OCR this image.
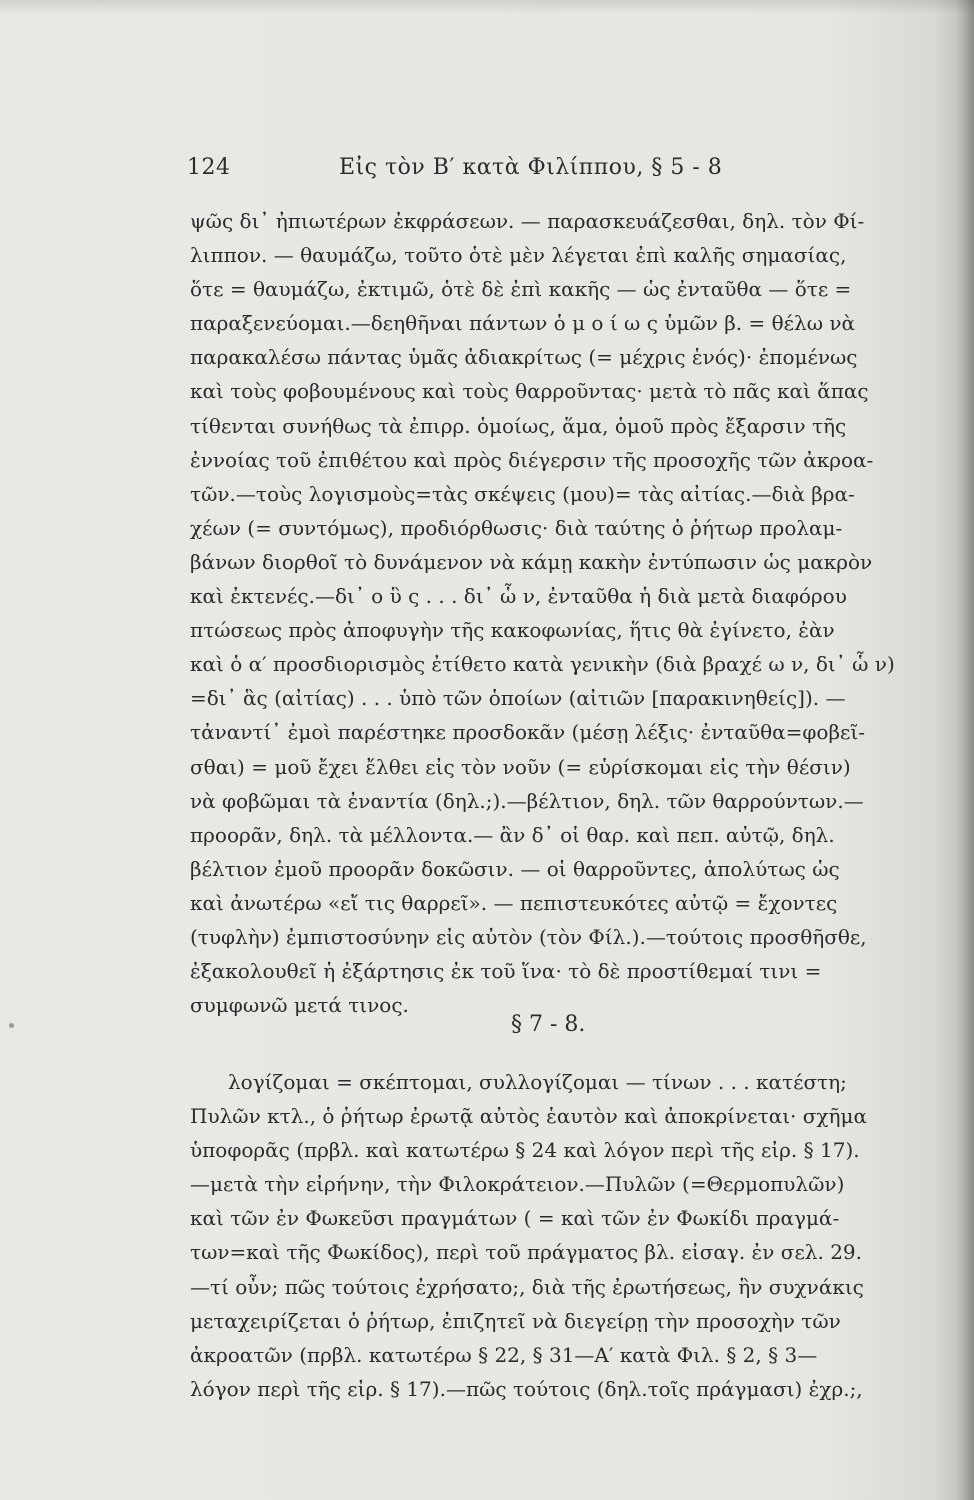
124	Εἰς τὸν Β′ κατὰ Φιλίππου, § 5 - 8
ψῶς δι᾽ ἠπιωτέρων ἐκφράσεων. — παρασκευάζεσθαι, δηλ. τὸν Φί-
λιππον. — θαυμάζω, τοῦτο ὁτὲ μὲν λέγεται ἐπὶ καλῆς σημασίας,
ὅτε = θαυμάζω, ἐκτιμῶ, ὁτὲ δὲ ἐπὶ κακῆς — ὡς ἐνταῦθα — ὅτε =
παραξενεύομαι.—δεηθῆναι πάντων ὁ μ ο ί ω ς ὑμῶν β. = θέλω νὰ
παρακαλέσω πάντας ὑμᾶς ἀδιακρίτως (= μέχρις ἑνός)· ἐπομένως
καὶ τοὺς φοβουμένους καὶ τοὺς θαρροῦντας· μετὰ τὸ πᾶς καὶ ἅπας
τίθενται συνήθως τὰ ἐπιρρ. ὁμοίως, ἅμα, ὁμοῦ πρὸς ἔξαρσιν τῆς
ἐννοίας τοῦ ἐπιθέτου καὶ πρὸς διέγερσιν τῆς προσοχῆς τῶν ἀκροα-
τῶν.—τοὺς λογισμοὺς=τὰς σκέψεις (μου)= τὰς αἰτίας.—διὰ βρα-
χέων (= συντόμως), προδιόρθωσις· διὰ ταύτης ὁ ῥήτωρ προλαμ-
βάνων διορθοῖ τὸ δυνάμενον νὰ κάμῃ κακὴν ἐντύπωσιν ὡς μακρὸν
καὶ ἐκτενές.—δι᾽ ο ὓ ς . . . δι᾽ ὧ ν, ἐνταῦθα ἡ διὰ μετὰ διαφόρου
πτώσεως πρὸς ἀποφυγὴν τῆς κακοφωνίας, ἥτις θὰ ἐγίνετο, ἐὰν
καὶ ὁ α′ προσδιορισμὸς ἐτίθετο κατὰ γενικὴν (διὰ βραχέ ω ν, δι᾽ ὧ ν)
=δι᾽ ἃς (αἰτίας) . . . ὑπὸ τῶν ὁποίων (αἰτιῶν [παρακινηθείς]). —
τἀναντί᾽ ἐμοὶ παρέστηκε προσδοκᾶν (μέσῃ λέξις· ἐνταῦθα=φοβεῖ-
σθαι) = μοῦ ἔχει ἔλθει εἰς τὸν νοῦν (= εὑρίσκομαι εἰς τὴν θέσιν)
νὰ φοβῶμαι τὰ ἐναντία (δηλ.;).—βέλτιον, δηλ. τῶν θαρρούντων.—
προορᾶν, δηλ. τὰ μέλλοντα.— ἂν δ᾽ οἱ θαρ. καὶ πεπ. αὐτῷ, δηλ.
βέλτιον ἐμοῦ προορᾶν δοκῶσιν. — οἱ θαρροῦντες, ἀπολύτως ὡς
καὶ ἀνωτέρω «εἴ τις θαρρεῖ». — πεπιστευκότες αὐτῷ = ἔχοντες
(τυφλὴν) ἐμπιστοσύνην εἰς αὐτὸν (τὸν Φίλ.).—τούτοις προσθῆσθε,
ἐξακολουθεῖ ἡ ἐξάρτησις ἐκ τοῦ ἵνα· τὸ δὲ προστίθεμαί τινι =
συμφωνῶ μετά τινος.
§ 7 - 8.
λογίζομαι = σκέπτομαι, συλλογίζομαι — τίνων . . . κατέστη;
Πυλῶν κτλ., ὁ ῥήτωρ ἐρωτᾷ αὐτὸς ἑαυτὸν καὶ ἀποκρίνεται· σχῆμα
ὑποφορᾶς (πρβλ. καὶ κατωτέρω § 24 καὶ λόγον περὶ τῆς εἰρ. § 17).
—μετὰ τὴν εἰρήνην, τὴν Φιλοκράτειον.—Πυλῶν (=Θερμοπυλῶν)
καὶ τῶν ἐν Φωκεῦσι πραγμάτων ( = καὶ τῶν ἐν Φωκίδι πραγμά-
των=καὶ τῆς Φωκίδος), περὶ τοῦ πράγματος βλ. εἰσαγ. ἐν σελ. 29.
—τί οὖν; πῶς τούτοις ἐχρήσατο;, διὰ τῆς ἐρωτήσεως, ἣν συχνάκις
μεταχειρίζεται ὁ ῥήτωρ, ἐπιζητεῖ νὰ διεγείρῃ τὴν προσοχὴν τῶν
ἀκροατῶν (πρβλ. κατωτέρω § 22, § 31—Α′ κατὰ Φιλ. § 2, § 3—
λόγον περὶ τῆς εἰρ. § 17).—πῶς τούτοις (δηλ.τοῖς πράγμασι) ἐχρ.;,
